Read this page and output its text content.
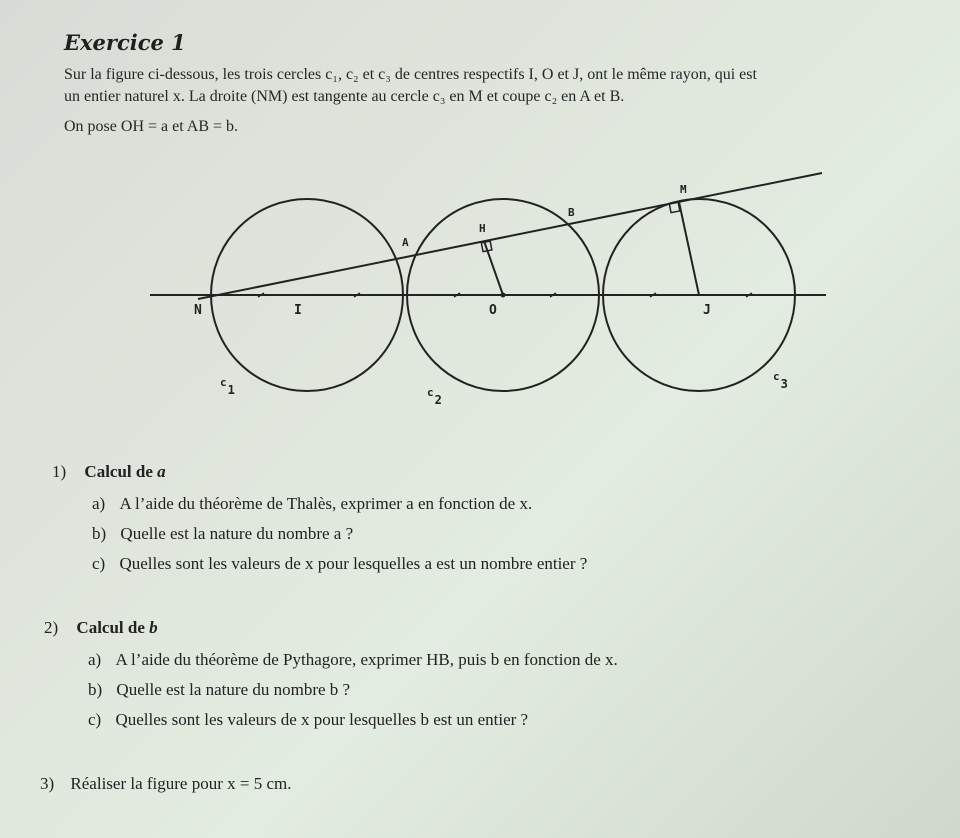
Exercice 1
Sur la figure ci-dessous, les trois cercles c₁, c₂ et c₃ de centres respectifs I, O et J, ont le même rayon, qui est
un entier naturel x. La droite (NM) est tangente au cercle c₃ en M et coupe c₂ en A et B.
On pose OH = a et AB = b.
N	I	O	J
A
B
H
M
c1	c2
c3
1) Calcul de a
a) A l’aide du théorème de Thalès, exprimer a en fonction de x.
b) Quelle est la nature du nombre a ?
c) Quelles sont les valeurs de x pour lesquelles a est un nombre entier ?
2) Calcul de b
a) A l’aide du théorème de Pythagore, exprimer HB, puis b en fonction de x.
b) Quelle est la nature du nombre b ?
c) Quelles sont les valeurs de x pour lesquelles b est un entier ?
3) Réaliser la figure pour x = 5 cm.
